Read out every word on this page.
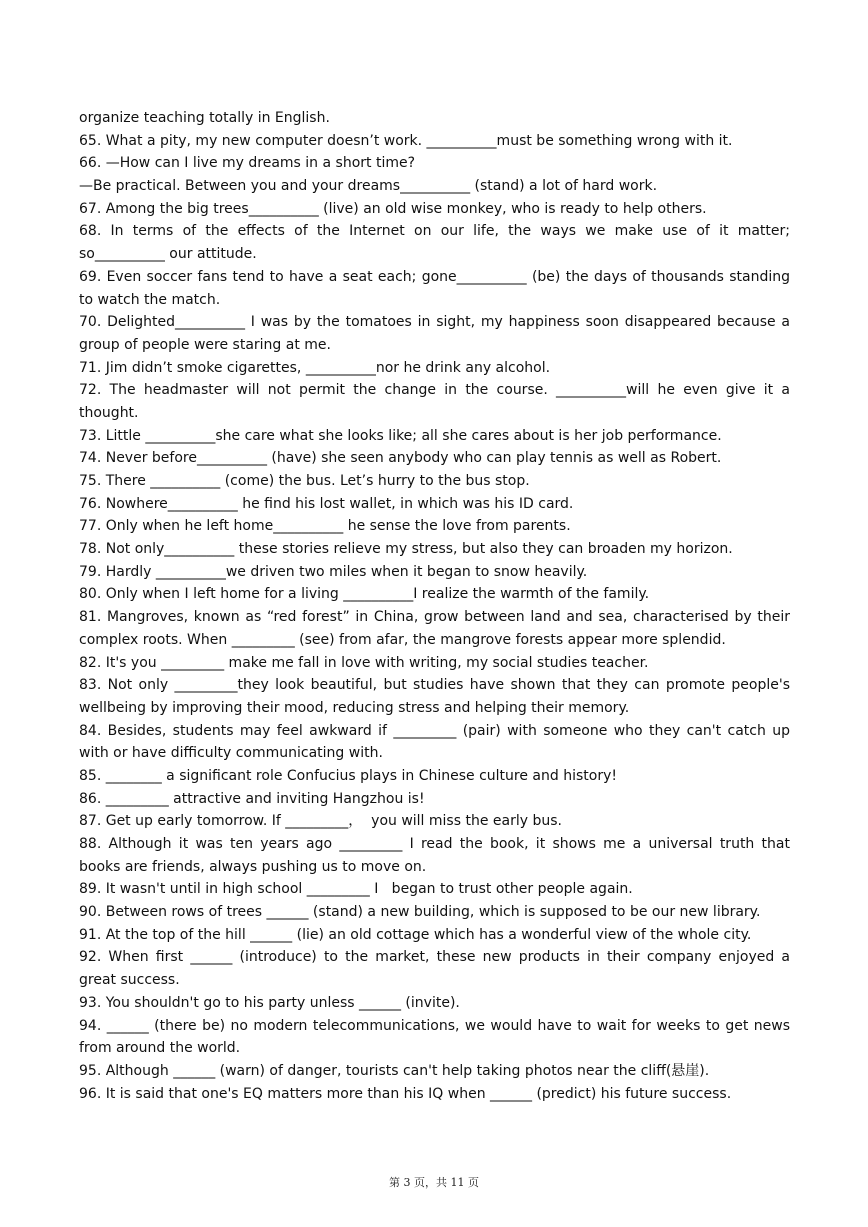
organize teaching totally in English.

65. What a pity, my new computer doesn’t work. __________must be something wrong with it.

66. —How can I live my dreams in a short time?

—Be practical. Between you and your dreams__________ (stand) a lot of hard work.

67. Among the big trees__________ (live) an old wise monkey, who is ready to help others.

68. In terms of the effects of the Internet on our life, the ways we make use of it matter;

so__________ our attitude.

69. Even soccer fans tend to have a seat each; gone__________ (be) the days of thousands standing

to watch the match.

70. Delighted__________ I was by the tomatoes in sight, my happiness soon disappeared because a

group of people were staring at me.

71. Jim didn’t smoke cigarettes, __________nor he drink any alcohol.

72. The headmaster will not permit the change in the course. __________will he even give it a

thought.

73. Little __________she care what she looks like; all she cares about is her job performance.

74. Never before__________ (have) she seen anybody who can play tennis as well as Robert.

75. There __________ (come) the bus. Let’s hurry to the bus stop.

76. Nowhere__________ he find his lost wallet, in which was his ID card.

77. Only when he left home__________ he sense the love from parents.

78. Not only__________ these stories relieve my stress, but also they can broaden my horizon.

79. Hardly __________we driven two miles when it began to snow heavily.

80. Only when I left home for a living __________I realize the warmth of the family.

81. Mangroves, known as “red forest” in China, grow between land and sea, characterised by their

complex roots. When _________ (see) from afar, the mangrove forests appear more splendid.

82. It's you _________ make me fall in love with writing, my social studies teacher.

83. Not only _________they look beautiful, but studies have shown that they can promote people's

wellbeing by improving their mood, reducing stress and helping their memory.

84. Besides, students may feel awkward if _________ (pair) with someone who they can't catch up

with or have difficulty communicating with.

85. ________ a significant role Confucius plays in Chinese culture and history!

86. _________ attractive and inviting Hangzhou is!

87. Get up early tomorrow. If _________，  you will miss the early bus.

88. Although it was ten years ago _________ I read the book, it shows me a universal truth that

books are friends, always pushing us to move on.

89. It wasn't until in high school _________ I   began to trust other people again.

90. Between rows of trees ______ (stand) a new building, which is supposed to be our new library.

91. At the top of the hill ______ (lie) an old cottage which has a wonderful view of the whole city.

92. When first ______ (introduce) to the market, these new products in their company enjoyed a

great success.

93. You shouldn't go to his party unless ______ (invite).

94. ______ (there be) no modern telecommunications, we would have to wait for weeks to get news

from around the world.

95. Although ______ (warn) of danger, tourists can't help taking photos near the cliff(悬崖).

96. It is said that one's EQ matters more than his IQ when ______ (predict) his future success.

第 3 页，共 11 页
